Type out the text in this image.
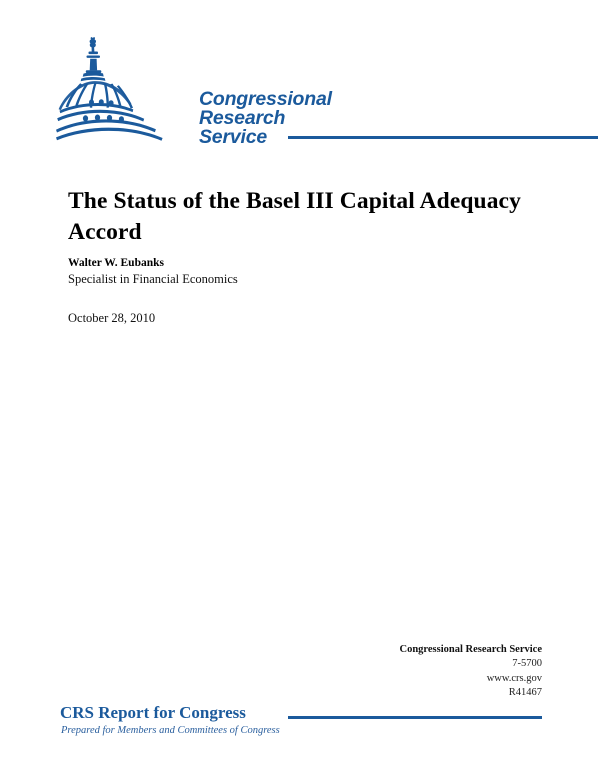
Congressional
Research
Service
The Status of the Basel III Capital Adequacy Accord
Walter W. Eubanks
Specialist in Financial Economics
October 28, 2010
Congressional Research Service
7-5700
www.crs.gov
R41467
CRS Report for Congress
Prepared for Members and Committees of Congress
